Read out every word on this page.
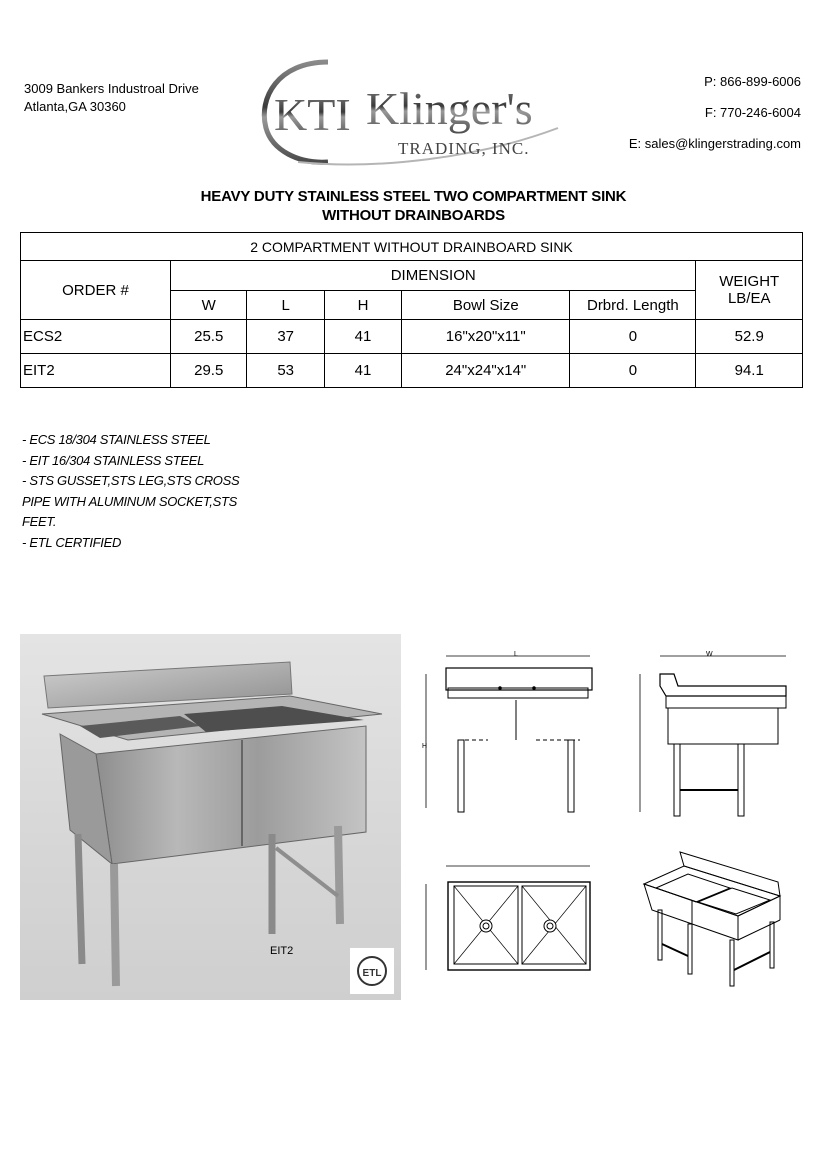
3009 Bankers Industroal Drive
Atlanta,GA 30360	KTI Klinger's
TRADING, INC.
P: 866-899-6006
F: 770-246-6004
E: sales@klingerstrading.com
HEAVY DUTY STAINLESS STEEL TWO COMPARTMENT SINK
WITHOUT DRAINBOARDS
2 COMPARTMENT WITHOUT DRAINBOARD SINK						
ORDER #	DIMENSION					WEIGHT
LB/EA

	W	L	H	Bowl Size	Drbrd. Length	
ECS2	25.5	37	41	16"x20"x11"	0	52.9
EIT2	29.5	53	41	24"x24"x14"	0	94.1
- ECS 18/304 STAINLESS STEEL
- EIT 16/304 STAINLESS STEEL
- STS GUSSET,STS LEG,STS CROSS
PIPE WITH ALUMINUM SOCKET,STS
FEET.
- ETL CERTIFIED
EIT2
ETL
L
H
W
